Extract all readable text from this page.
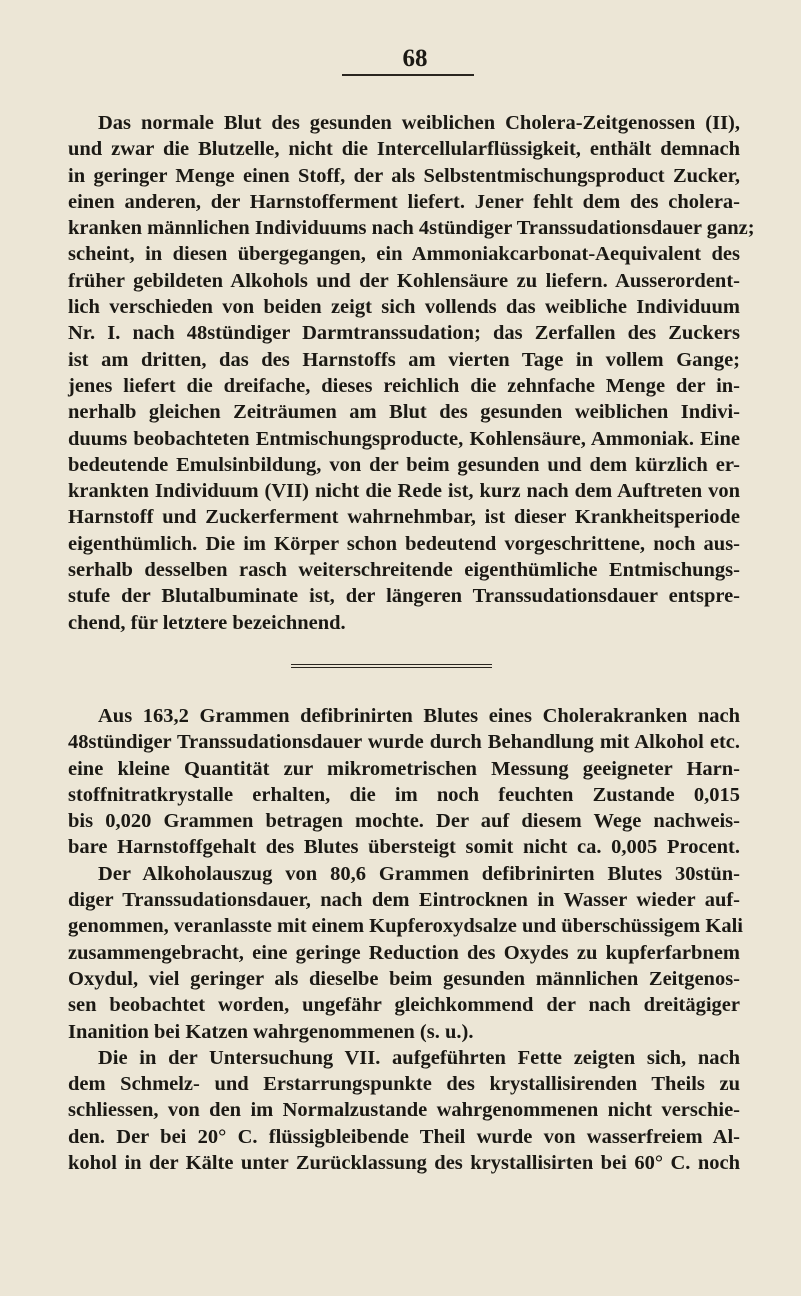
68

Das normale Blut des gesunden weiblichen Cholera-Zeitgenossen (II),
und zwar die Blutzelle, nicht die Intercellularflüssigkeit, enthält demnach
in geringer Menge einen Stoff, der als Selbstentmischungsproduct Zucker,
einen anderen, der Harnstofferment liefert. Jener fehlt dem des cholera-
kranken männlichen Individuums nach 4stündiger Transsudationsdauer ganz;
scheint, in diesen übergegangen, ein Ammoniakcarbonat-Aequivalent des
früher gebildeten Alkohols und der Kohlensäure zu liefern. Ausserordent-
lich verschieden von beiden zeigt sich vollends das weibliche Individuum
Nr. I. nach 48stündiger Darmtranssudation; das Zerfallen des Zuckers
ist am dritten, das des Harnstoffs am vierten Tage in vollem Gange;
jenes liefert die dreifache, dieses reichlich die zehnfache Menge der in-
nerhalb gleichen Zeiträumen am Blut des gesunden weiblichen Indivi-
duums beobachteten Entmischungsproducte, Kohlensäure, Ammoniak. Eine
bedeutende Emulsinbildung, von der beim gesunden und dem kürzlich er-
krankten Individuum (VII) nicht die Rede ist, kurz nach dem Auftreten von
Harnstoff und Zuckerferment wahrnehmbar, ist dieser Krankheitsperiode
eigenthümlich. Die im Körper schon bedeutend vorgeschrittene, noch aus-
serhalb desselben rasch weiterschreitende eigenthümliche Entmischungs-
stufe der Blutalbuminate ist, der längeren Transsudationsdauer entspre-
chend, für letztere bezeichnend.

Aus 163,2 Grammen defibrinirten Blutes eines Cholerakranken nach
48stündiger Transsudationsdauer wurde durch Behandlung mit Alkohol etc.
eine kleine Quantität zur mikrometrischen Messung geeigneter Harn-
stoffnitratkrystalle erhalten, die im noch feuchten Zustande 0,015
bis 0,020 Grammen betragen mochte. Der auf diesem Wege nachweis-
bare Harnstoffgehalt des Blutes übersteigt somit nicht ca. 0,005 Procent.
Der Alkoholauszug von 80,6 Grammen defibrinirten Blutes 30stün-
diger Transsudationsdauer, nach dem Eintrocknen in Wasser wieder auf-
genommen, veranlasste mit einem Kupferoxydsalze und überschüssigem Kali
zusammengebracht, eine geringe Reduction des Oxydes zu kupferfarbnem
Oxydul, viel geringer als dieselbe beim gesunden männlichen Zeitgenos-
sen beobachtet worden, ungefähr gleichkommend der nach dreitägiger
Inanition bei Katzen wahrgenommenen (s. u.).
Die in der Untersuchung VII. aufgeführten Fette zeigten sich, nach
dem Schmelz- und Erstarrungspunkte des krystallisirenden Theils zu
schliessen, von den im Normalzustande wahrgenommenen nicht verschie-
den. Der bei 20° C. flüssigbleibende Theil wurde von wasserfreiem Al-
kohol in der Kälte unter Zurücklassung des krystallisirten bei 60° C. noch
